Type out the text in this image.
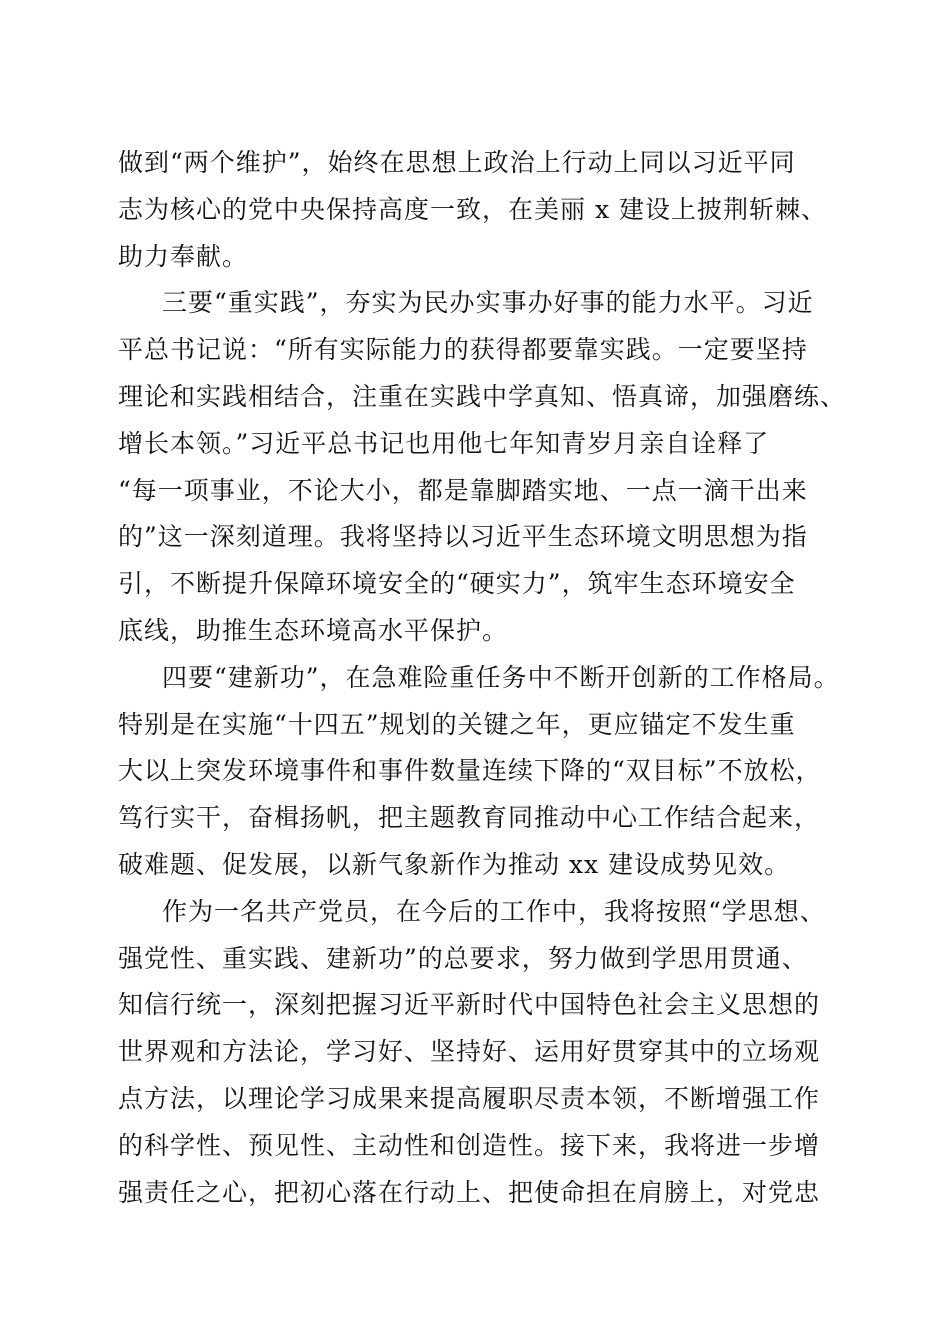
做到“两个维护”，始终在思想上政治上行动上同以习近平同
志为核心的党中央保持高度一致，在美丽 x 建设上披荆斩棘、
助力奉献。
三要“重实践”，夯实为民办实事办好事的能力水平。习近
平总书记说：“所有实际能力的获得都要靠实践。一定要坚持
理论和实践相结合，注重在实践中学真知、悟真谛，加强磨练、
增长本领。”习近平总书记也用他七年知青岁月亲自诠释了
“每一项事业，不论大小，都是靠脚踏实地、一点一滴干出来
的”这一深刻道理。我将坚持以习近平生态环境文明思想为指
引，不断提升保障环境安全的“硬实力”，筑牢生态环境安全
底线，助推生态环境高水平保护。
四要“建新功”，在急难险重任务中不断开创新的工作格局。
特别是在实施“十四五”规划的关键之年，更应锚定不发生重
大以上突发环境事件和事件数量连续下降的“双目标”不放松，
笃行实干，奋楫扬帆，把主题教育同推动中心工作结合起来，
破难题、促发展，以新气象新作为推动 xx 建设成势见效。
作为一名共产党员，在今后的工作中，我将按照“学思想、
强党性、重实践、建新功”的总要求，努力做到学思用贯通、
知信行统一，深刻把握习近平新时代中国特色社会主义思想的
世界观和方法论，学习好、坚持好、运用好贯穿其中的立场观
点方法，以理论学习成果来提高履职尽责本领，不断增强工作
的科学性、预见性、主动性和创造性。接下来，我将进一步增
强责任之心，把初心落在行动上、把使命担在肩膀上，对党忠
